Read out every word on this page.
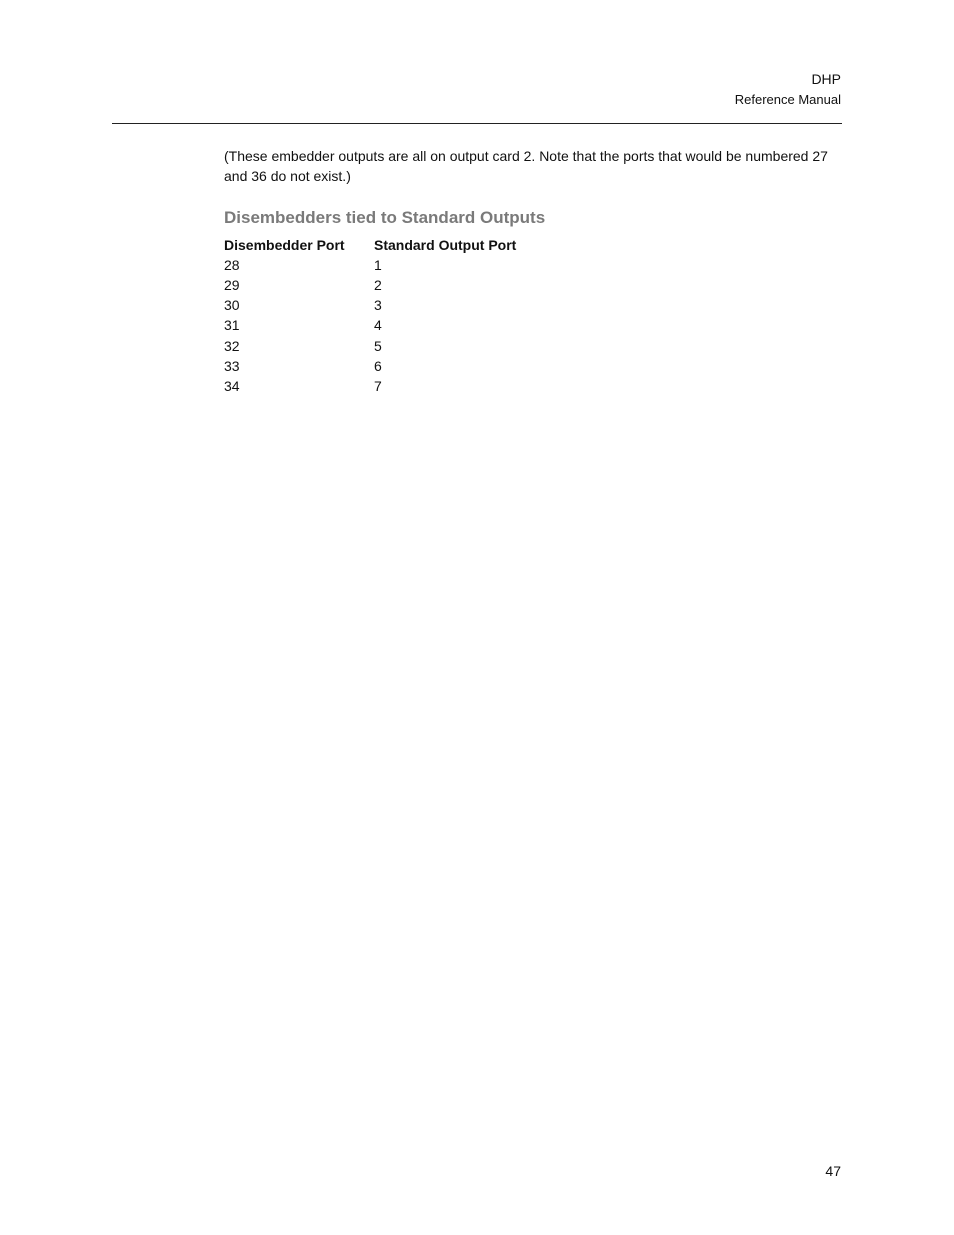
DHP
Reference Manual

(These embedder outputs are all on output card 2. Note that the ports that would be numbered 27 and 36 do not exist.)

Disembedders tied to Standard Outputs
Disembedder Port	Standard Output Port
28	1
29	2
30	3
31	4
32	5
33	6
34	7
47
